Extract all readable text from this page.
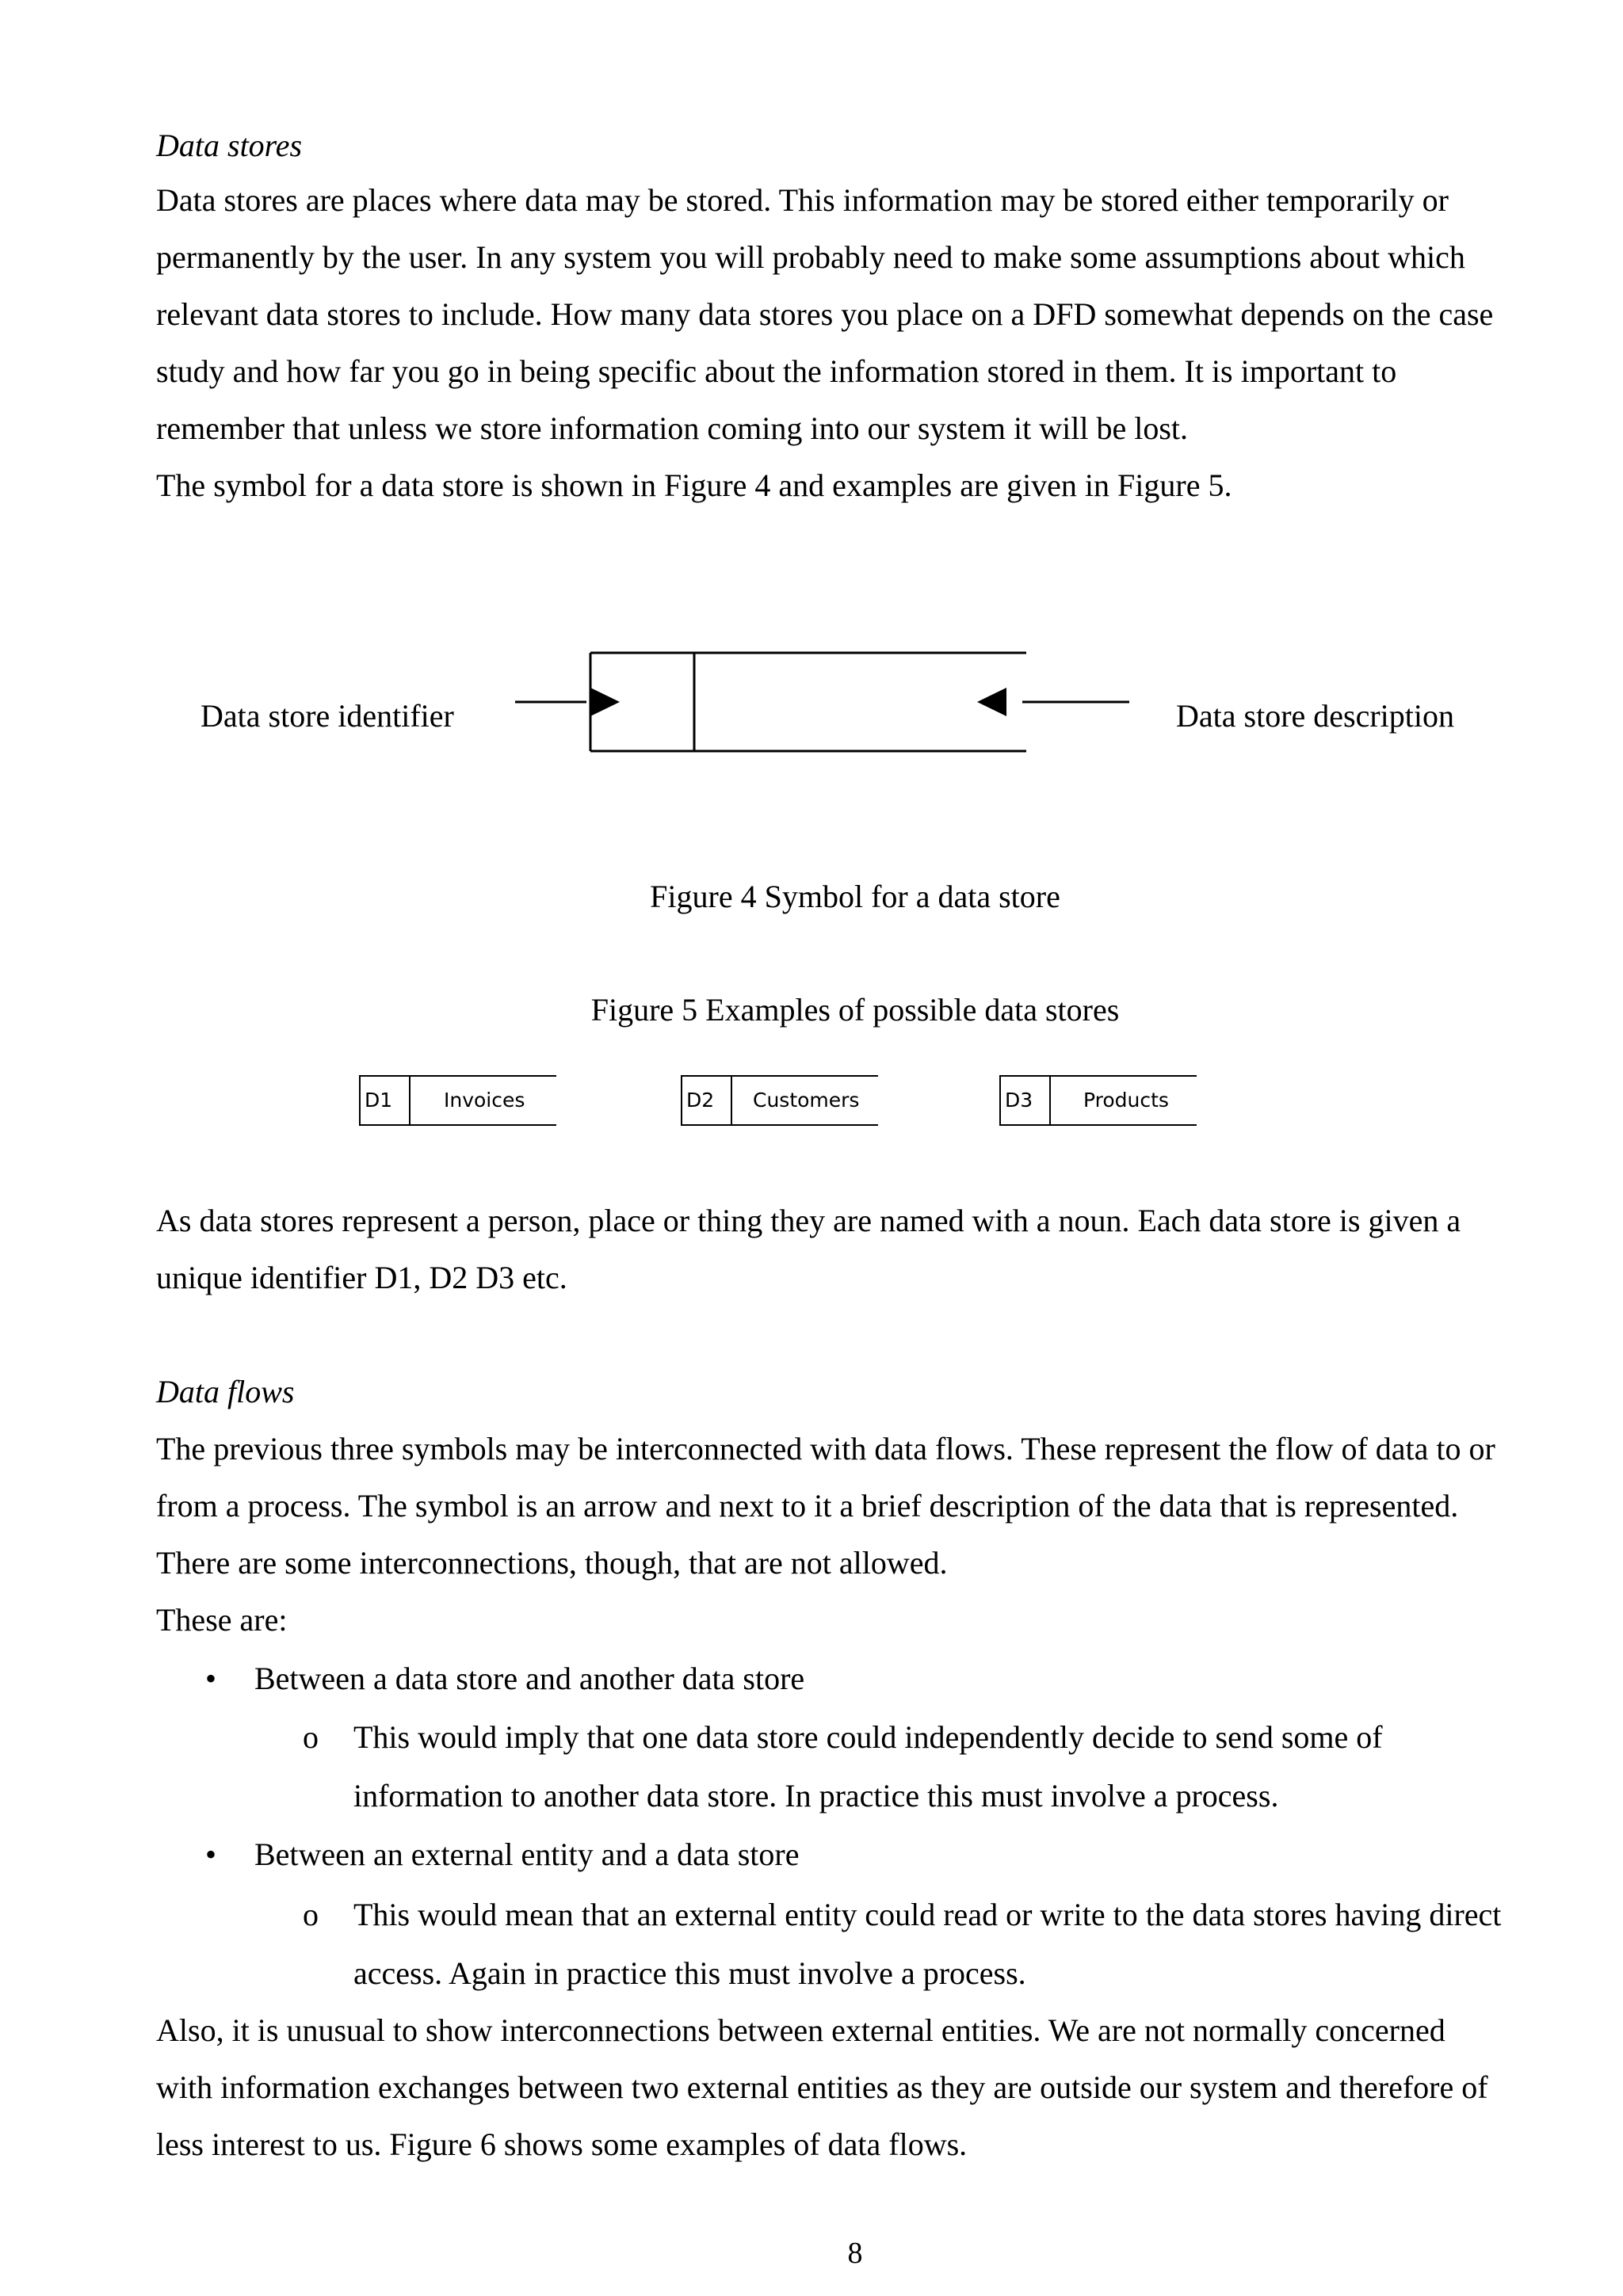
Data stores
Data stores are places where data may be stored. This information may be stored either temporarily or
permanently by the user. In any system you will probably need to make some assumptions about which
relevant data stores to include. How many data stores you place on a DFD somewhat depends on the case
study and how far you go in being specific about the information stored in them. It is important to
remember that unless we store information coming into our system it will be lost.
The symbol for a data store is shown in Figure 4 and examples are given in Figure 5.
Data store identifier	Data store description
Figure 4 Symbol for a data store
Figure 5 Examples of possible data stores
D1	Invoices	D2 Customers	D3	Products
As data stores represent a person, place or thing they are named with a noun. Each data store is given a
unique identifier D1, D2 D3 etc.
Data flows
The previous three symbols may be interconnected with data flows. These represent the flow of data to or
from a process. The symbol is an arrow and next to it a brief description of the data that is represented.
There are some interconnections, though, that are not allowed.
These are:
• Between a data store and another data store
o This would imply that one data store could independently decide to send some of
information to another data store. In practice this must involve a process.
• Between an external entity and a data store
o This would mean that an external entity could read or write to the data stores having direct
access. Again in practice this must involve a process.
Also, it is unusual to show interconnections between external entities. We are not normally concerned
with information exchanges between two external entities as they are outside our system and therefore of
less interest to us. Figure 6 shows some examples of data flows.
8
